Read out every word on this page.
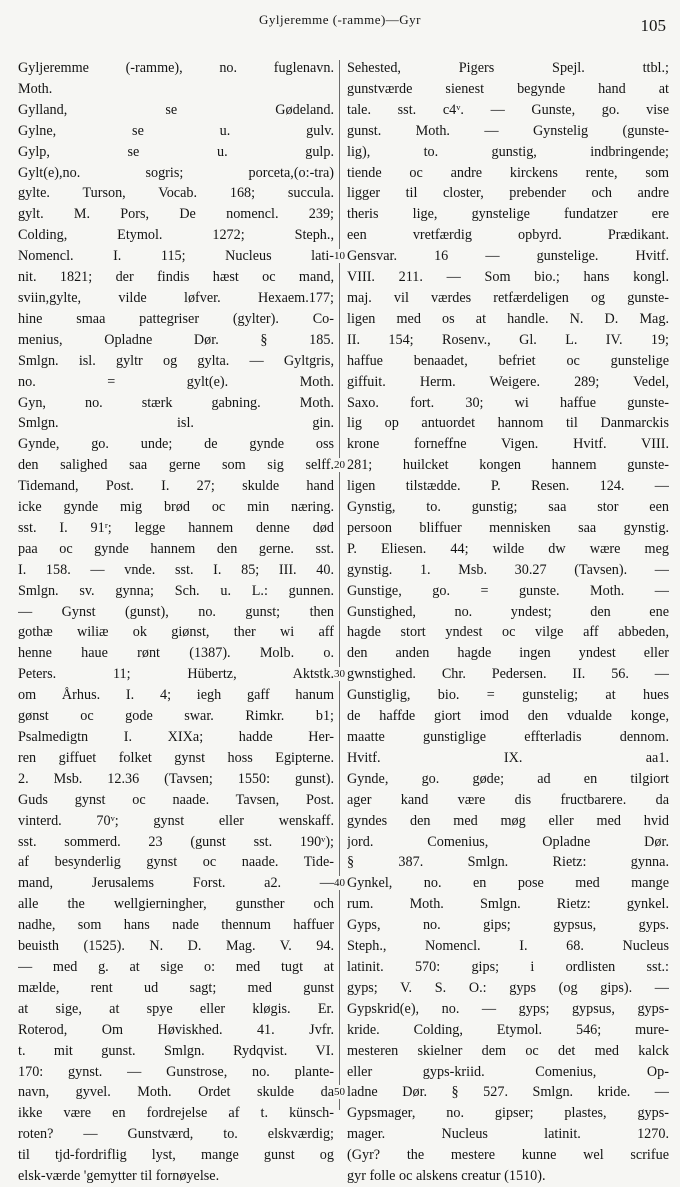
Gyljeremme (-ramme)—Gyr	105
Gyljeremme (-ramme), no. fuglenavn.
Moth.
Gylland, se Gødeland.
Gylne, se u. gulv.
Gylp, se u. gulp.
Gylt(e),no. sogris; porceta,(o:-tra)
gylte. Turson, Vocab. 168; succula.
gylt. M. Pors, De nomencl. 239;
Colding, Etymol. 1272; Steph.,
Nomencl. I. 115; Nucleus lati-
nit. 1821; der findis hæst oc mand,
sviin,gylte, vilde løfver. Hexaem.177;
hine smaa pattegriser (gylter). Co-
menius, Opladne Dør. § 185.
Smlgn. isl. gyltr og gylta. — Gyltgris,
no. = gylt(e). Moth.
Gyn, no. stærk gabning. Moth.
Smlgn. isl. gin.
Gynde, go. unde; de gynde oss
den salighed saa gerne som sig selff.
Tidemand, Post. I. 27; skulde hand
icke gynde mig brød oc min næring.
sst. I. 91ʳ; legge hannem denne død
paa oc gynde hannem den gerne. sst.
I. 158. — vnde. sst. I. 85; III. 40.
Smlgn. sv. gynna; Sch. u. L.: gunnen.
— Gynst (gunst), no. gunst; then
gothæ wiliæ ok giønst, ther wi aff
henne haue rønt (1387). Molb. o.
Peters. 11; Hübertz, Aktstk.
om Århus. I. 4; iegh gaff hanum
gønst oc gode swar. Rimkr. b1;
Psalmedigtn I. XIXa; hadde Her-
ren giffuet folket gynst hoss Egipterne.
2. Msb. 12.36 (Tavsen; 1550: gunst).
Guds gynst oc naade. Tavsen, Post.
vinterd. 70ᵛ; gynst eller wenskaff.
sst. sommerd. 23 (gunst sst. 190ᵛ);
af besynderlig gynst oc naade. Tide-
mand, Jerusalems Forst. a2. —
alle the wellgierningher, gunsther och
nadhe, som hans nade thennum haffuer
beuisth (1525). N. D. Mag. V. 94.
— med g. at sige o: med tugt at
mælde, rent ud sagt; med gunst
at sige, at spye eller kløgis. Er.
Roterod, Om Høviskhed. 41. Jvfr.
t. mit gunst. Smlgn. Rydqvist. VI.
170: gynst. — Gunstrose, no. plante-
navn, gyvel. Moth. Ordet skulde da
ikke være en fordrejelse af t. künsch-
roten? — Gunstværd, to. elskværdig;
til tjd-fordriflig lyst, mange gunst og
elsk-værde 'gemytter til fornøyelse.
10
20
30
40
50
Sehested, Pigers Spejl. ttbl.;
gunstværde sienest begynde hand at
tale. sst. c4ᵛ. — Gunste, go. vise
gunst. Moth. — Gynstelig (gunste-
lig), to. gunstig, indbringende;
tiende oc andre kirckens rente, som
ligger til closter, prebender och andre
theris lige, gynstelige fundatzer ere
een vretfærdig opbyrd. Prædikant.
Gensvar. 16 — gunstelige. Hvitf.
VIII. 211. — Som bio.; hans kongl.
maj. vil værdes retfærdeligen og gunste-
ligen med os at handle. N. D. Mag.
II. 154; Rosenv., Gl. L. IV. 19;
haffue benaadet, befriet oc gunstelige
giffuit. Herm. Weigere. 289; Vedel,
Saxo. fort. 30; wi haffue gunste-
lig op antuordet hannom til Danmarckis
krone forneffne Vigen. Hvitf. VIII.
281; huilcket kongen hannem gunste-
ligen tilstædde. P. Resen. 124. —
Gynstig, to. gunstig; saa stor een
persoon bliffuer mennisken saa gynstig.
P. Eliesen. 44; wilde dw wære meg
gynstig. 1. Msb. 30.27 (Tavsen). —
Gunstige, go. = gunste. Moth. —
Gunstighed, no. yndest; den ene
hagde stort yndest oc vilge aff abbeden,
den anden hagde ingen yndest eller
gwnstighed. Chr. Pedersen. II. 56. —
Gunstiglig, bio. = gunstelig; at hues
de haffde giort imod den vdualde konge,
maatte gunstiglige effterladis dennom.
Hvitf. IX. aa1.
Gynde, go. gøde; ad en tilgiort
ager kand være dis fructbarere. da
gyndes den med møg eller med hvid
jord. Comenius, Opladne Dør.
§ 387. Smlgn. Rietz: gynna.
Gynkel, no. en pose med mange
rum. Moth. Smlgn. Rietz: gynkel.
Gyps, no. gips; gypsus, gyps.
Steph., Nomencl. I. 68. Nucleus
latinit. 570: gips; i ordlisten sst.:
gyps; V. S. O.: gyps (og gips). —
Gypskrid(e), no. — gyps; gypsus, gyps-
kride. Colding, Etymol. 546; mure-
mesteren skielner dem oc det med kalck
eller gyps-kriid. Comenius, Op-
ladne Dør. § 527. Smlgn. kride. —
Gypsmager, no. gipser; plastes, gyps-
mager. Nucleus latinit. 1270.
(Gyr? the mestere kunne wel scrifue
gyr folle oc alskens creatur (1510).
